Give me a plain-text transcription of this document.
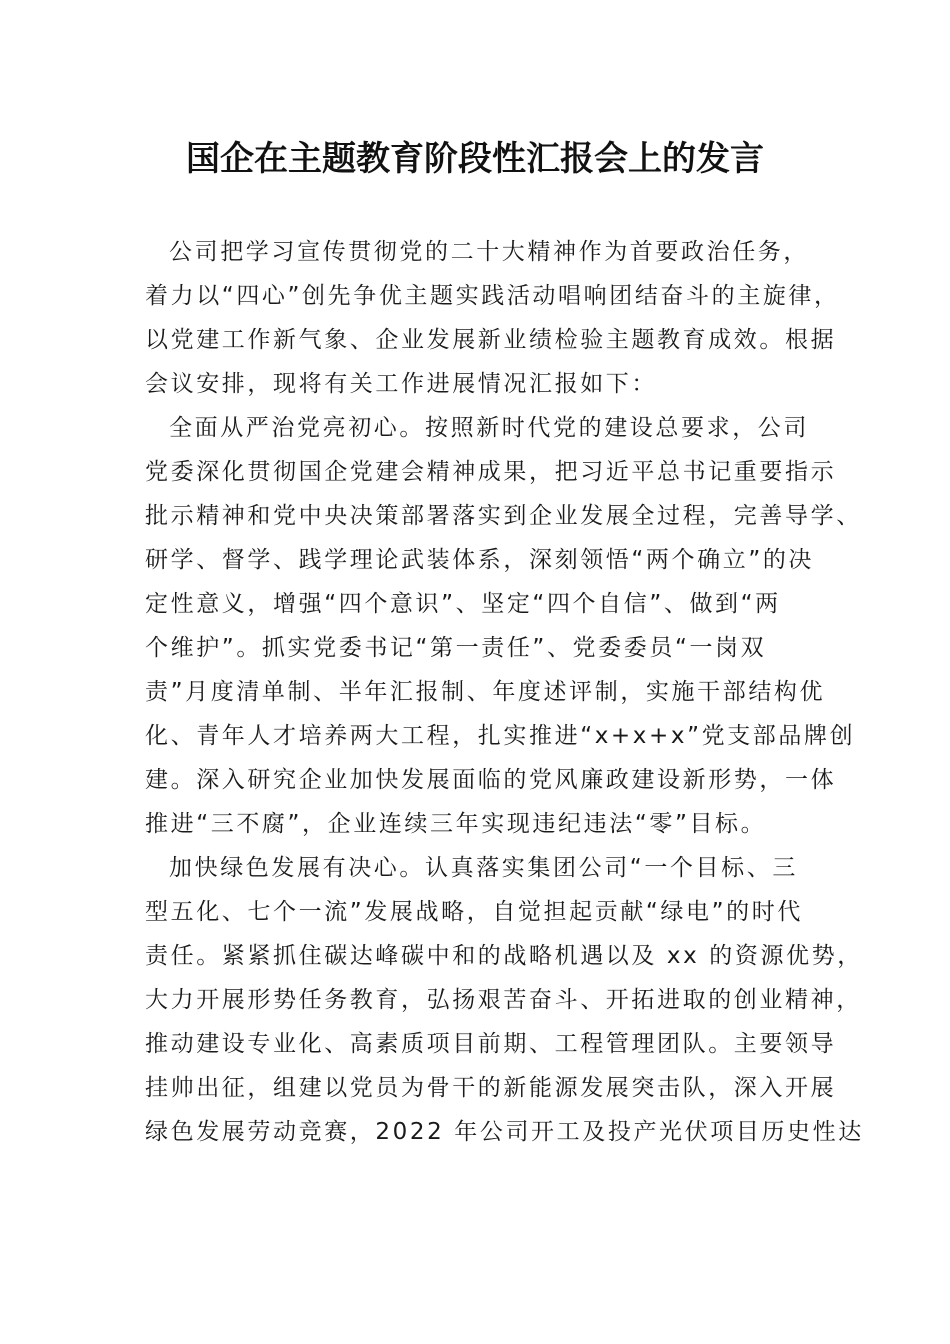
国企在主题教育阶段性汇报会上的发言
公司把学习宣传贯彻党的二十大精神作为首要政治任务，
着力以“四心”创先争优主题实践活动唱响团结奋斗的主旋律，
以党建工作新气象、企业发展新业绩检验主题教育成效。根据
会议安排，现将有关工作进展情况汇报如下：
全面从严治党亮初心。按照新时代党的建设总要求，公司
党委深化贯彻国企党建会精神成果，把习近平总书记重要指示
批示精神和党中央决策部署落实到企业发展全过程，完善导学、
研学、督学、践学理论武装体系，深刻领悟“两个确立”的决
定性意义，增强“四个意识”、坚定“四个自信”、做到“两
个维护”。抓实党委书记“第一责任”、党委委员“一岗双
责”月度清单制、半年汇报制、年度述评制，实施干部结构优
化、青年人才培养两大工程，扎实推进“x+x+x”党支部品牌创
建。深入研究企业加快发展面临的党风廉政建设新形势，一体
推进“三不腐”，企业连续三年实现违纪违法“零”目标。
加快绿色发展有决心。认真落实集团公司“一个目标、三
型五化、七个一流”发展战略，自觉担起贡献“绿电”的时代
责任。紧紧抓住碳达峰碳中和的战略机遇以及 xx 的资源优势，
大力开展形势任务教育，弘扬艰苦奋斗、开拓进取的创业精神，
推动建设专业化、高素质项目前期、工程管理团队。主要领导
挂帅出征，组建以党员为骨干的新能源发展突击队，深入开展
绿色发展劳动竞赛，2022 年公司开工及投产光伏项目历史性达
